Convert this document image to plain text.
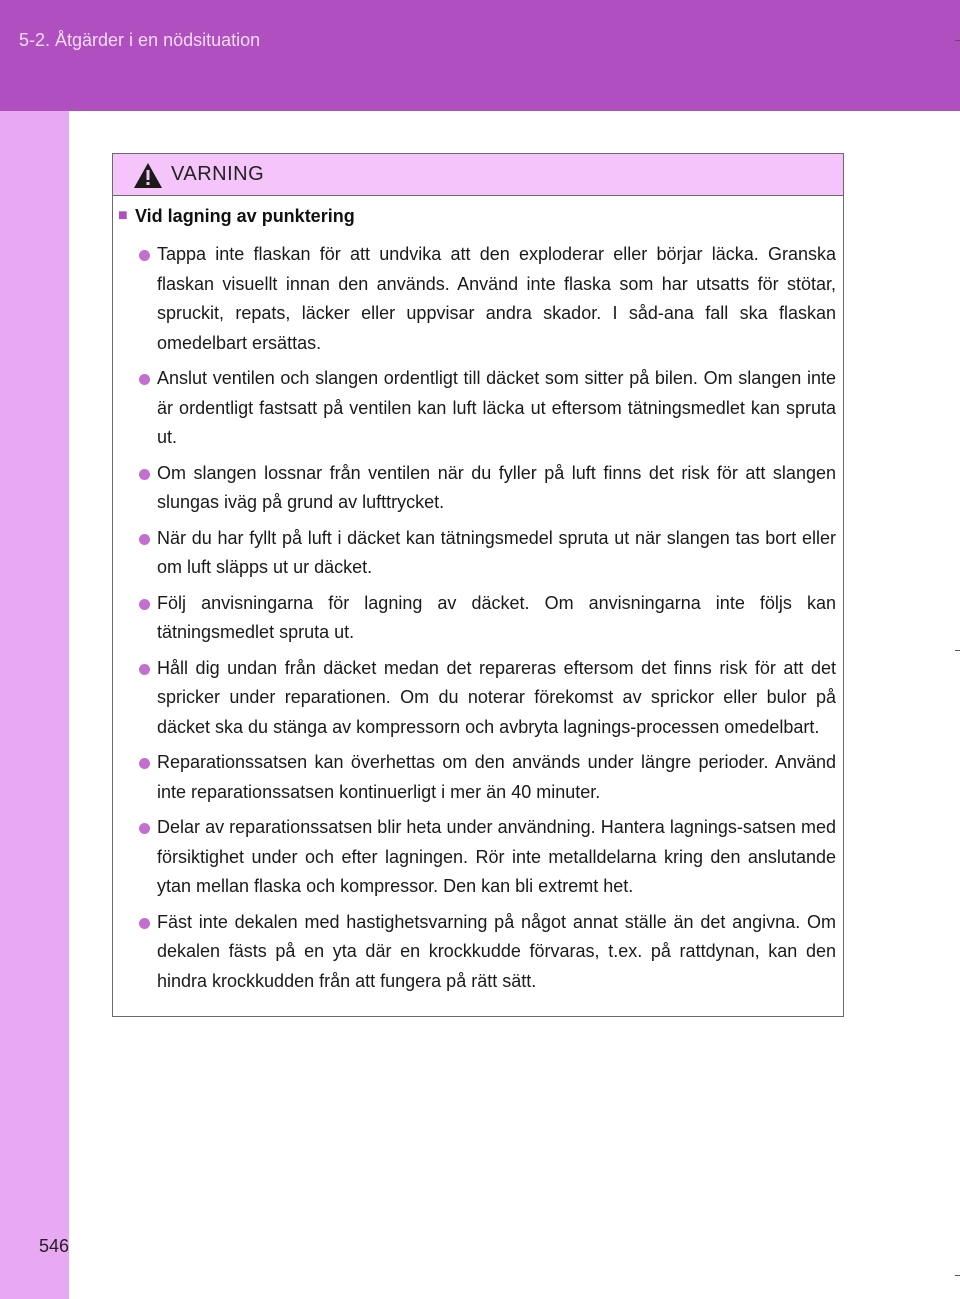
5-2. Åtgärder i en nödsituation
VARNING
■ Vid lagning av punktering
Tappa inte flaskan för att undvika att den exploderar eller börjar läcka. Granska flaskan visuellt innan den används. Använd inte flaska som har utsatts för stötar, spruckit, repats, läcker eller uppvisar andra skador. I såd-ana fall ska flaskan omedelbart ersättas.
Anslut ventilen och slangen ordentligt till däcket som sitter på bilen. Om slangen inte är ordentligt fastsatt på ventilen kan luft läcka ut eftersom tätningsmedlet kan spruta ut.
Om slangen lossnar från ventilen när du fyller på luft finns det risk för att slangen slungas iväg på grund av lufttrycket.
När du har fyllt på luft i däcket kan tätningsmedel spruta ut när slangen tas bort eller om luft släpps ut ur däcket.
Följ anvisningarna för lagning av däcket. Om anvisningarna inte följs kan tätningsmedlet spruta ut.
Håll dig undan från däcket medan det repareras eftersom det finns risk för att det spricker under reparationen. Om du noterar förekomst av sprickor eller bulor på däcket ska du stänga av kompressorn och avbryta lagnings-processen omedelbart.
Reparationssatsen kan överhettas om den används under längre perioder. Använd inte reparationssatsen kontinuerligt i mer än 40 minuter.
Delar av reparationssatsen blir heta under användning. Hantera lagnings-satsen med försiktighet under och efter lagningen. Rör inte metalldelarna kring den anslutande ytan mellan flaska och kompressor. Den kan bli extremt het.
Fäst inte dekalen med hastighetsvarning på något annat ställe än det angivna. Om dekalen fästs på en yta där en krockkudde förvaras, t.ex. på rattdynan, kan den hindra krockkudden från att fungera på rätt sätt.
546
